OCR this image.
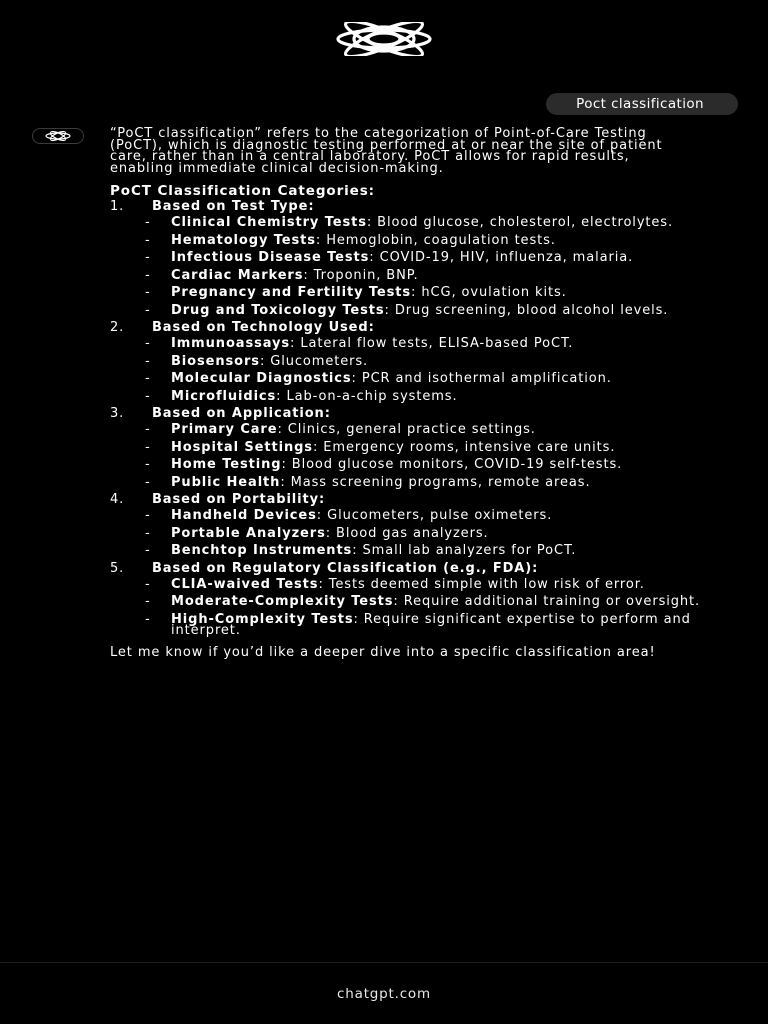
Poct classification

“PoCT classification” refers to the categorization of Point-of-Care Testing (PoCT), which is diagnostic testing performed at or near the site of patient care, rather than in a central laboratory. PoCT allows for rapid results, enabling immediate clinical decision-making.

PoCT Classification Categories:

1.	Based on Test Type:
-	Clinical Chemistry Tests: Blood glucose, cholesterol, electrolytes.
-	Hematology Tests: Hemoglobin, coagulation tests.
-	Infectious Disease Tests: COVID-19, HIV, influenza, malaria.
-	Cardiac Markers: Troponin, BNP.
-	Pregnancy and Fertility Tests: hCG, ovulation kits.
-	Drug and Toxicology Tests: Drug screening, blood alcohol levels.
2.	Based on Technology Used:
-	Immunoassays: Lateral flow tests, ELISA-based PoCT.
-	Biosensors: Glucometers.
-	Molecular Diagnostics: PCR and isothermal amplification.
-	Microfluidics: Lab-on-a-chip systems.
3.	Based on Application:
-	Primary Care: Clinics, general practice settings.
-	Hospital Settings: Emergency rooms, intensive care units.
-	Home Testing: Blood glucose monitors, COVID-19 self-tests.
-	Public Health: Mass screening programs, remote areas.
4.	Based on Portability:
-	Handheld Devices: Glucometers, pulse oximeters.
-	Portable Analyzers: Blood gas analyzers.
-	Benchtop Instruments: Small lab analyzers for PoCT.
5.	Based on Regulatory Classification (e.g., FDA):
-	CLIA-waived Tests: Tests deemed simple with low risk of error.
-	Moderate-Complexity Tests: Require additional training or oversight.
-	High-Complexity Tests: Require significant expertise to perform and interpret.

Let me know if you’d like a deeper dive into a specific classification area!

chatgpt.com
